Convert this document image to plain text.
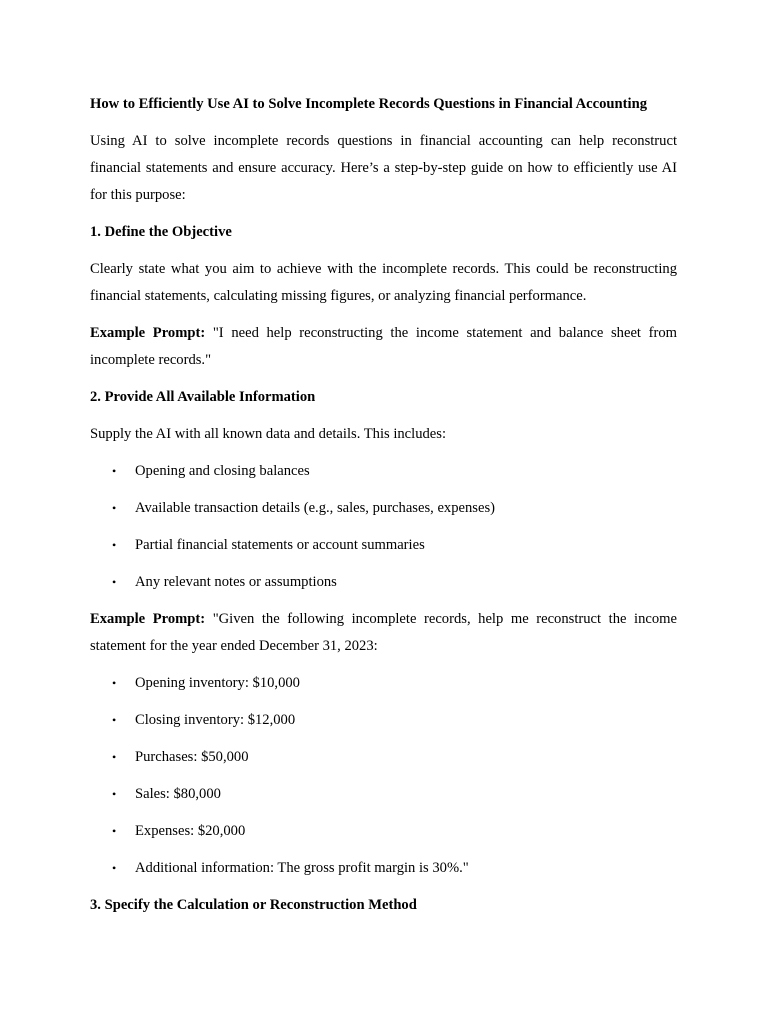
How to Efficiently Use AI to Solve Incomplete Records Questions in Financial Accounting
Using AI to solve incomplete records questions in financial accounting can help reconstruct financial statements and ensure accuracy. Here’s a step-by-step guide on how to efficiently use AI for this purpose:
1. Define the Objective
Clearly state what you aim to achieve with the incomplete records. This could be reconstructing financial statements, calculating missing figures, or analyzing financial performance.
Example Prompt: "I need help reconstructing the income statement and balance sheet from incomplete records."
2. Provide All Available Information
Supply the AI with all known data and details. This includes:
• Opening and closing balances
• Available transaction details (e.g., sales, purchases, expenses)
• Partial financial statements or account summaries
• Any relevant notes or assumptions
Example Prompt: "Given the following incomplete records, help me reconstruct the income statement for the year ended December 31, 2023:
• Opening inventory: $10,000
• Closing inventory: $12,000
• Purchases: $50,000
• Sales: $80,000
• Expenses: $20,000
• Additional information: The gross profit margin is 30%."
3. Specify the Calculation or Reconstruction Method
